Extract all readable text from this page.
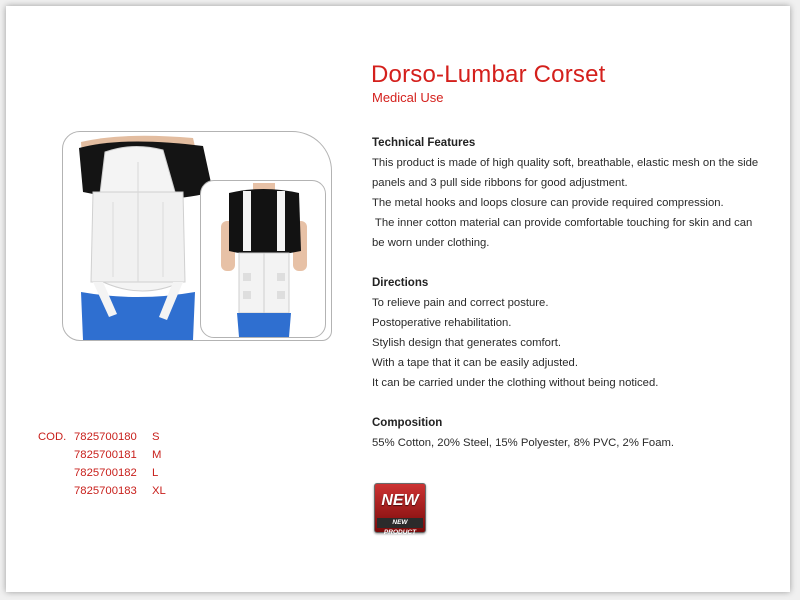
Dorso-Lumbar Corset
Medical Use
Technical Features

This product is made of high quality soft, breathable, elastic mesh on the side

panels and 3 pull side ribbons for good adjustment.

The metal hooks and loops closure can provide required compression.

The inner cotton material can provide comfortable touching for skin and can

be worn under clothing.

Directions

To relieve pain and correct posture.

Postoperative rehabilitation.

Stylish design that generates comfort.

With a tape that it can be easily adjusted.

It can be carried under the clothing without being noticed.

Composition

55% Cotton, 20% Steel, 15% Polyester, 8% PVC, 2% Foam.

COD. 7825700180 S
7825700181 M
7825700182 L
7825700183 XL
NEW
NEW PRODUCT
